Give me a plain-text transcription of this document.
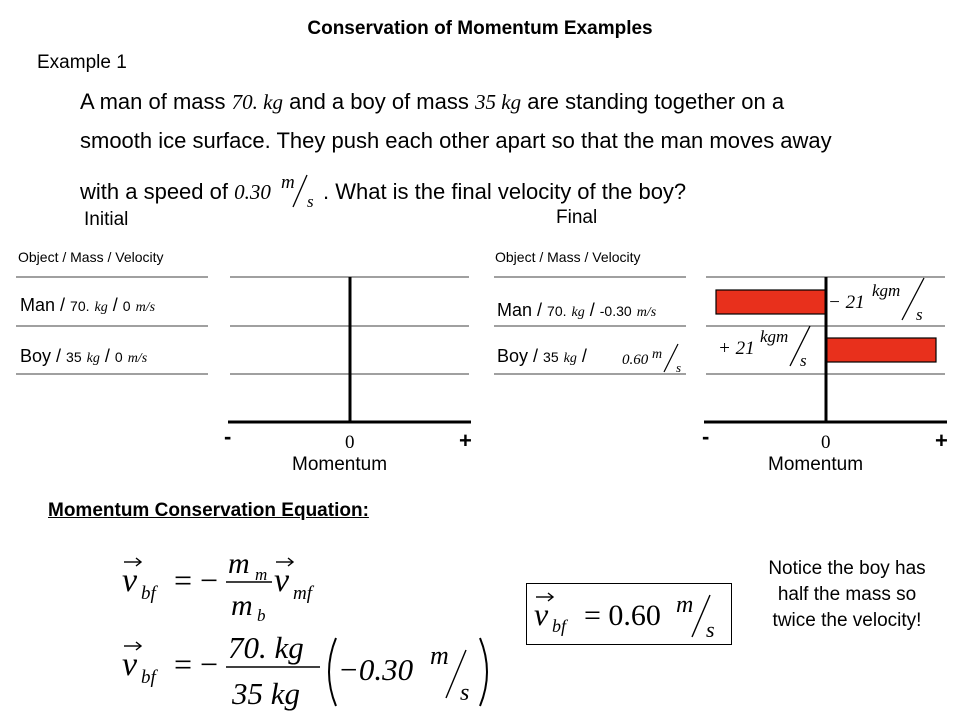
Conservation of Momentum Examples
Example 1
A man of mass 70. kg and a boy of mass 35 kg are standing together on a
smooth ice surface. They push each other apart so that the man moves away
with a speed of 0.30 m
s . What is the final velocity of the boy?
Initial
Object / Mass / Velocity
Man / 70. kg / 0 m/s
Boy / 35 kg / 0 m/s
-	+
0
Momentum
Final
Object / Mass / Velocity
Man / 70. kg / -0.30 m/s
Boy / 35 kg / 0.60 m
s
-	+
0
− 21
kgm
s
+ 21
kgm
s
Momentum
Momentum Conservation Equation:
v bf = − m m
m b
v mf
v bf = − 70. kg
35 kg
−0.30 m
s
v bf = 0.60 m
s
Notice the boy has half the mass so twice the velocity!
